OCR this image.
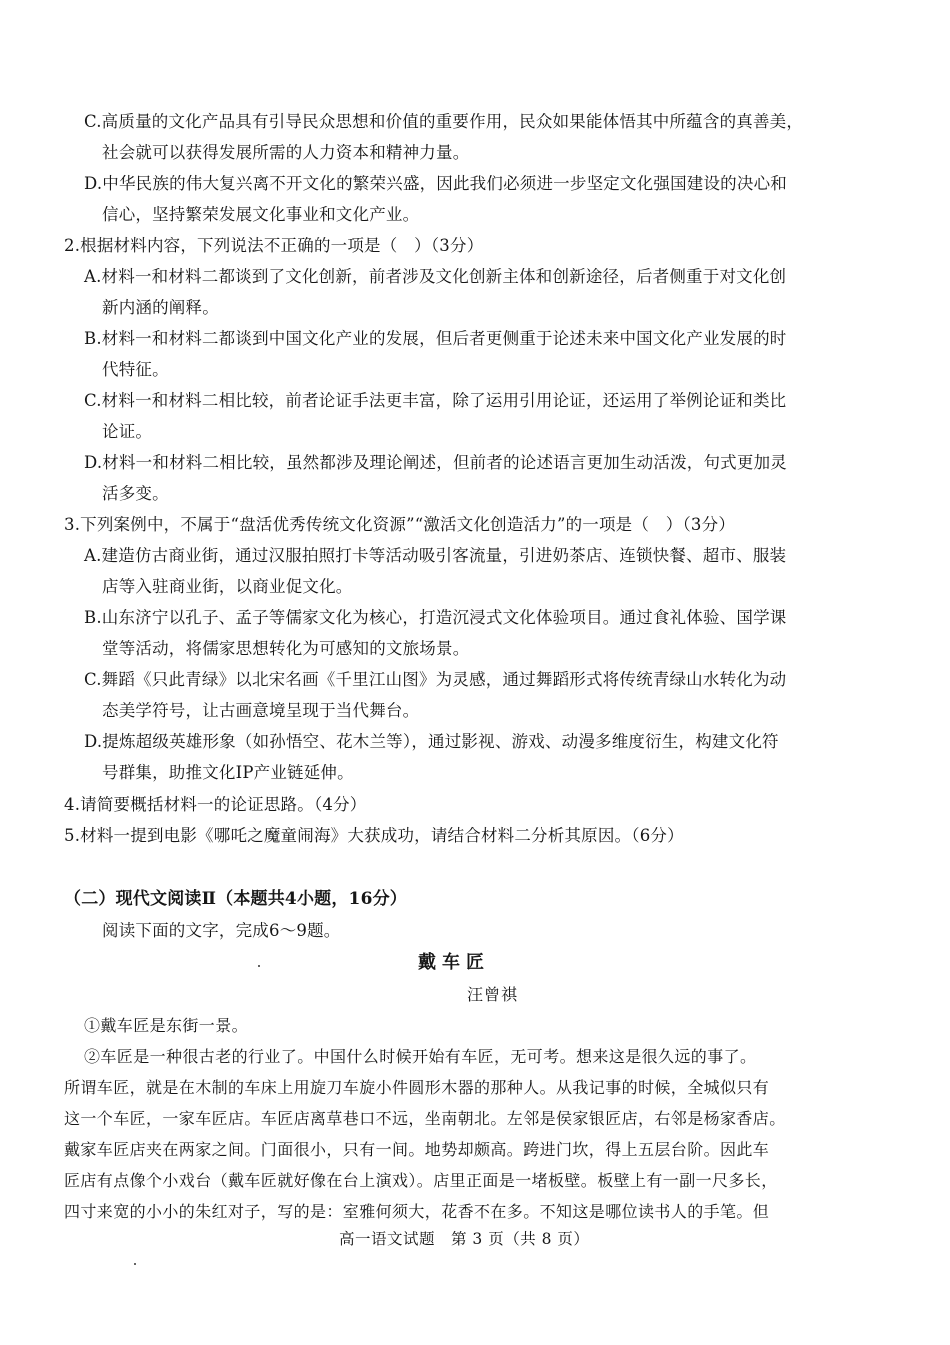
C.高质量的文化产品具有引导民众思想和价值的重要作用，民众如果能体悟其中所蕴含的真善美，
社会就可以获得发展所需的人力资本和精神力量。
D.中华民族的伟大复兴离不开文化的繁荣兴盛，因此我们必须进一步坚定文化强国建设的决心和
信心，坚持繁荣发展文化事业和文化产业。
2.根据材料内容，下列说法不正确的一项是（　）（3分）
A.材料一和材料二都谈到了文化创新，前者涉及文化创新主体和创新途径，后者侧重于对文化创
新内涵的阐释。
B.材料一和材料二都谈到中国文化产业的发展，但后者更侧重于论述未来中国文化产业发展的时
代特征。
C.材料一和材料二相比较，前者论证手法更丰富，除了运用引用论证，还运用了举例论证和类比
论证。
D.材料一和材料二相比较，虽然都涉及理论阐述，但前者的论述语言更加生动活泼，句式更加灵
活多变。
3.下列案例中，不属于“盘活优秀传统文化资源”“激活文化创造活力”的一项是（　）（3分）
A.建造仿古商业街，通过汉服拍照打卡等活动吸引客流量，引进奶茶店、连锁快餐、超市、服装
店等入驻商业街，以商业促文化。
B.山东济宁以孔子、孟子等儒家文化为核心，打造沉浸式文化体验项目。通过食礼体验、国学课
堂等活动，将儒家思想转化为可感知的文旅场景。
C.舞蹈《只此青绿》以北宋名画《千里江山图》为灵感，通过舞蹈形式将传统青绿山水转化为动
态美学符号，让古画意境呈现于当代舞台。
D.提炼超级英雄形象（如孙悟空、花木兰等），通过影视、游戏、动漫多维度衍生，构建文化符
号群集，助推文化IP产业链延伸。
4.请简要概括材料一的论证思路。（4分）
5.材料一提到电影《哪吒之魔童闹海》大获成功，请结合材料二分析其原因。（6分）
（二）现代文阅读Ⅱ（本题共4小题，16分）
阅读下面的文字，完成6～9题。
戴车匠
汪曾祺
①戴车匠是东街一景。
②车匠是一种很古老的行业了。中国什么时候开始有车匠，无可考。想来这是很久远的事了。
所谓车匠，就是在木制的车床上用旋刀车旋小件圆形木器的那种人。从我记事的时候，全城似只有
这一个车匠，一家车匠店。车匠店离草巷口不远，坐南朝北。左邻是侯家银匠店，右邻是杨家香店。
戴家车匠店夹在两家之间。门面很小，只有一间。地势却颇高。跨进门坎，得上五层台阶。因此车
匠店有点像个小戏台（戴车匠就好像在台上演戏）。店里正面是一堵板壁。板壁上有一副一尺多长，
四寸来宽的小小的朱红对子，写的是：室雅何须大，花香不在多。不知这是哪位读书人的手笔。但
高一语文试题　第 3 页（共 8 页）
